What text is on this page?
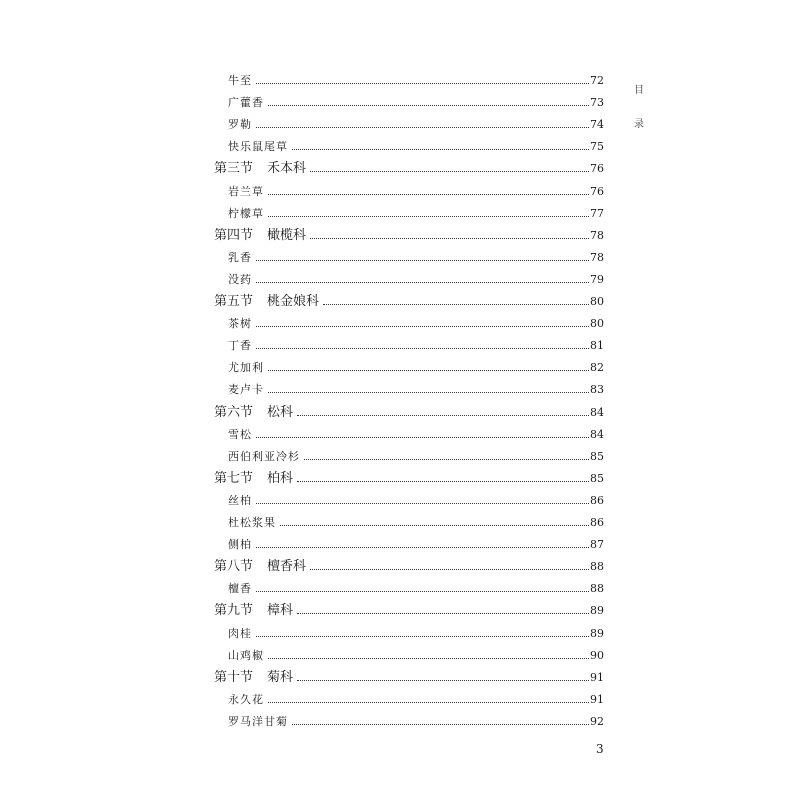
牛至	72
广藿香	73
罗勒	74
快乐鼠尾草	75
第三节 禾本科	76
岩兰草	76
柠檬草	77
第四节 橄榄科	78
乳香	78
没药	79
第五节 桃金娘科	80
茶树	80
丁香	81
尤加利	82
麦卢卡	83
第六节 松科	84
雪松	84
西伯利亚冷杉	85
第七节 柏科	85
丝柏	86
杜松浆果	86
侧柏	87
第八节 檀香科	88
檀香	88
第九节 樟科	89
肉桂	89
山鸡椒	90
第十节 菊科	91
永久花	91
罗马洋甘菊	92
目
录
3
